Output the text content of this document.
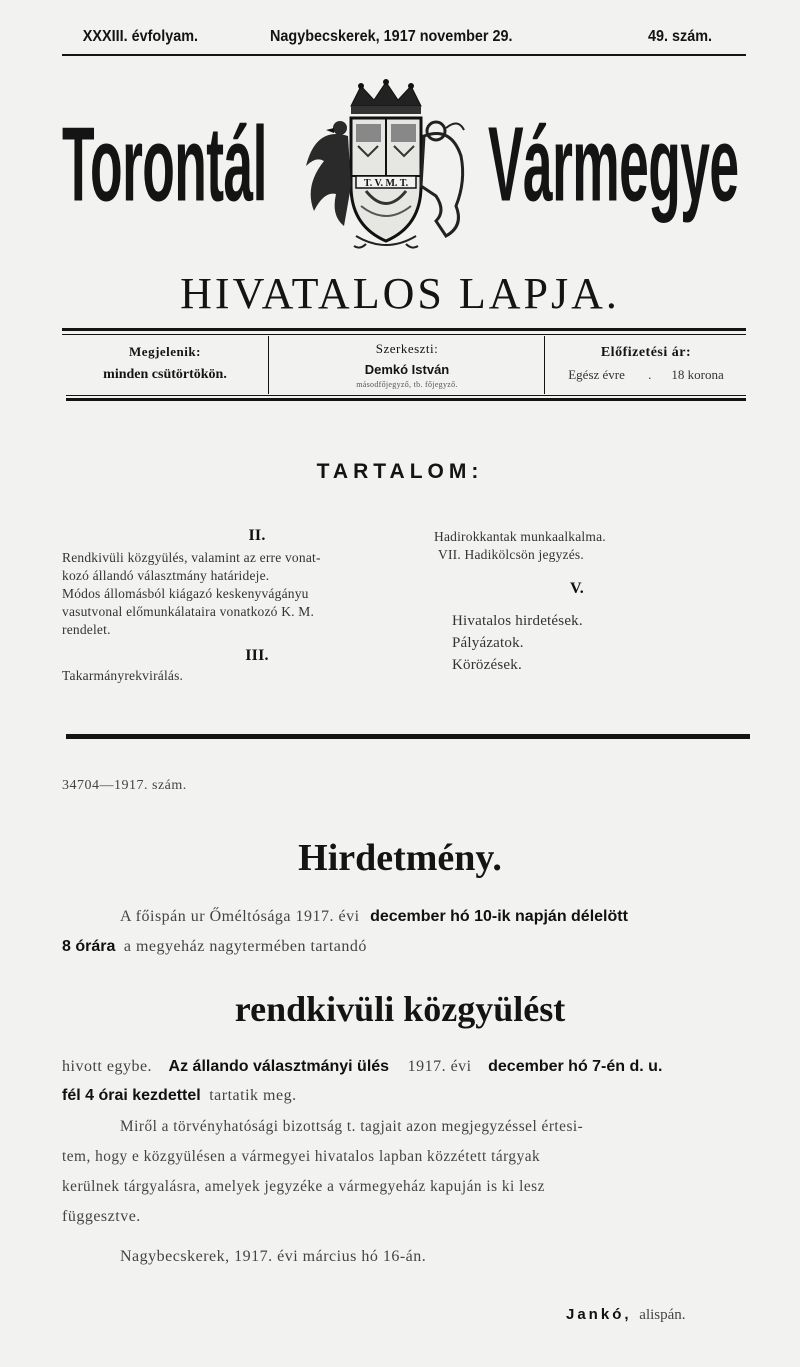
XXXIII. évfolyam.	Nagybecskerek, 1917 november 29.	49. szám.
Torontál Vármegye
T. V. M. T.
HIVATALOS LAPJA.
Megjelenik:
minden csütörtökön.
Szerkeszti:
Demkó István
másodfőjegyző, tb. főjegyző.
Előfizetési ár:
Egész évre  . 18 korona
TARTALOM:
II.
Rendkivüli közgyülés, valamint az erre vonat-
kozó állandó választmány határideje.
Módos állomásból kiágazó keskenyvágányu
vasutvonal előmunkálataira vonatkozó K. M.
rendelet.
III.
Takarmányrekvirálás.
Hadirokkantak munkaalkalma.
VII. Hadikölcsön jegyzés.
V.
Hivatalos hirdetések.
Pályázatok.
Körözések.
34704—1917. szám.
Hirdetmény.
A főispán ur Őméltósága 1917. évi december hó 10-ik napján délelött
8 órára a megyeház nagytermében tartandó
rendkivüli közgyülést
hivott egybe. Az állando választmányi ülés 1917. évi december hó 7-én d. u.
fél 4 órai kezdettel tartatik meg.
Miről a törvényhatósági bizottság t. tagjait azon megjegyzéssel értesi-
tem, hogy e közgyülésen a vármegyei hivatalos lapban közzétett tárgyak
kerülnek tárgyalásra, amelyek jegyzéke a vármegyeház kapuján is ki lesz
függesztve.
Nagybecskerek, 1917. évi március hó 16-án.
Jankó, alispán.
